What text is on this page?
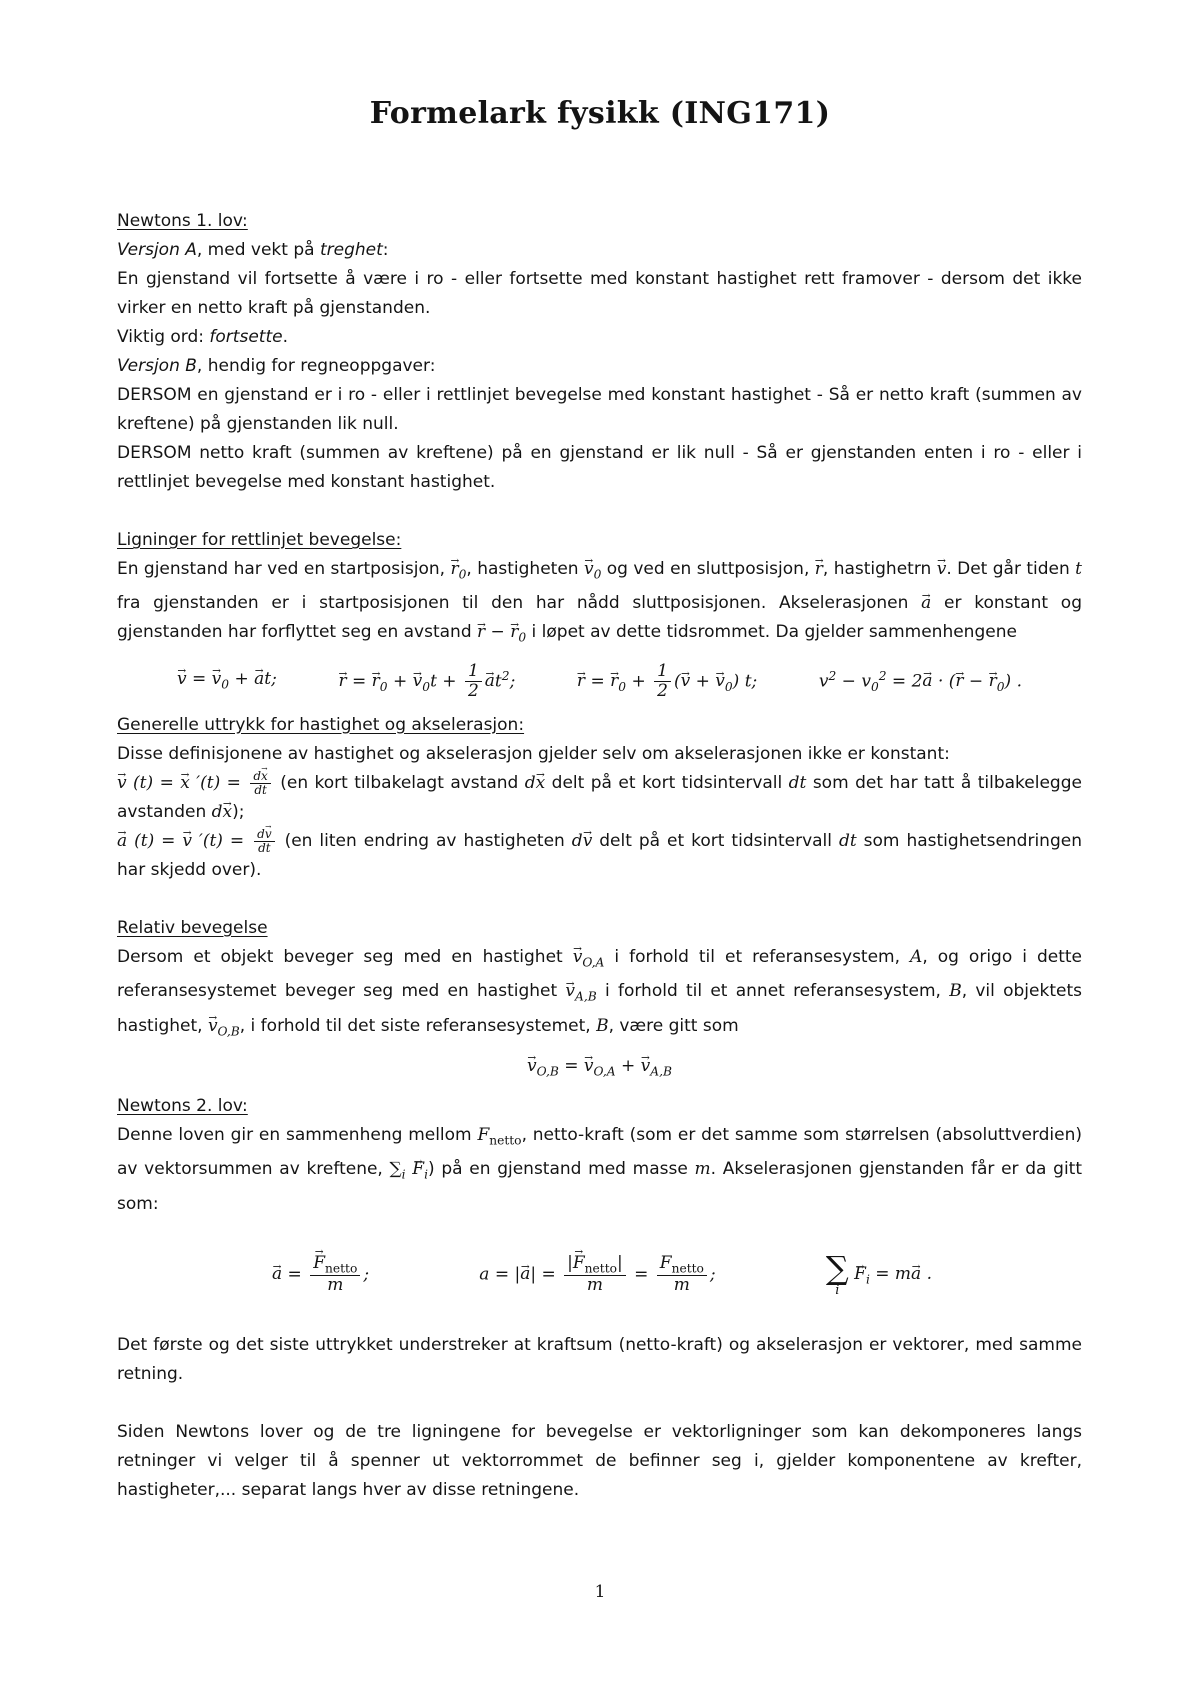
Formelark fysikk (ING171)
Newtons 1. lov:
Versjon A, med vekt på treghet:
En gjenstand vil fortsette å være i ro - eller fortsette med konstant hastighet rett framover - dersom det ikke virker en netto kraft på gjenstanden.
Viktig ord: fortsette.
Versjon B, hendig for regneoppgaver:
DERSOM en gjenstand er i ro - eller i rettlinjet bevegelse med konstant hastighet - Så er netto kraft (summen av kreftene) på gjenstanden lik null.
DERSOM netto kraft (summen av kreftene) på en gjenstand er lik null - Så er gjenstanden enten i ro - eller i rettlinjet bevegelse med konstant hastighet.
Ligninger for rettlinjet bevegelse:
En gjenstand har ved en startposisjon, → $r_0$, hastigheten → $v_0$ og ved en sluttposisjon, → r, hastighetrn → v. Det går tiden t fra gjenstanden er i startposisjonen til den har nådd sluttposisjonen. Akselerasjonen → a er konstant og gjenstanden har forflyttet seg en avstand → r − → $r_0$ i løpet av dette tidsrommet. Da gjelder sammenhengene
→ v = → $v_0$ + → at;
→	r = → $r_0$ + → $v_0t + \frac{1}{2}$
→ $at^2$;
→	r = → $r_0 + \frac{1}{2}$ (→ v + → $v_0$) t;	$v^2 - v_0^2 = 2\to a$ · (→ r − → $r_0$) .
Generelle uttrykk for hastighet og akselerasjon:
Disse definisjonene av hastighet og akselerasjon gjelder selv om akselerasjonen ikke er konstant:
→ v (t) = → x $'(t) = \frac{d\to x}{dt} (en$ kort tilbakelagt avstand d→ x delt på et kort tidsintervall dt som det har tatt å tilbakelegge avstanden d→ x);
→ a (t) = → v $'(t) = \frac{d\to v}{dt} (en$ liten endring av hastigheten d→ v delt på et kort tidsintervall dt som hastighetsendringen har skjedd over).
Relativ bevegelse
Dersom et objekt beveger seg med en hastighet → $v_{O,A}$ i forhold til et referansesystem, A, og origo i dette referansesystemet beveger seg med en hastighet → $v_{A,B}$ i forhold til et annet referansesystem, B, vil objektets hastighet, → $v_{O,B}$, i forhold til det siste referansesystemet, B, være gitt som
→ $v_{O,B}$ = → $v_{O,A}$ + → $v_{A,B}$
Newtons 2. lov:
Denne loven gir en sammenheng mellom $F_{netto}$, netto-kraft (som er det samme som størrelsen (absoluttverdien) av vektorsummen av kreftene, $\sum_i \to F_i$) på en gjenstand med masse m. Akselerasjonen gjenstanden får er da gitt som:
→ a =
→ $\frac{F_{netto}}{m}$ ;	a = |→ $a| = \frac{|\to F_{netto}|}{m} = \frac{F_{netto}}{m}$ ;	∑
i
→ $F_i = m\to a$ .
Det første og det siste uttrykket understreker at kraftsum (netto-kraft) og akselerasjon er vektorer, med samme retning.
Siden Newtons lover og de tre ligningene for bevegelse er vektorligninger som kan dekomponeres langs retninger vi velger til å spenner ut vektorrommet de befinner seg i, gjelder komponentene av krefter, hastigheter,... separat langs hver av disse retningene.
1
